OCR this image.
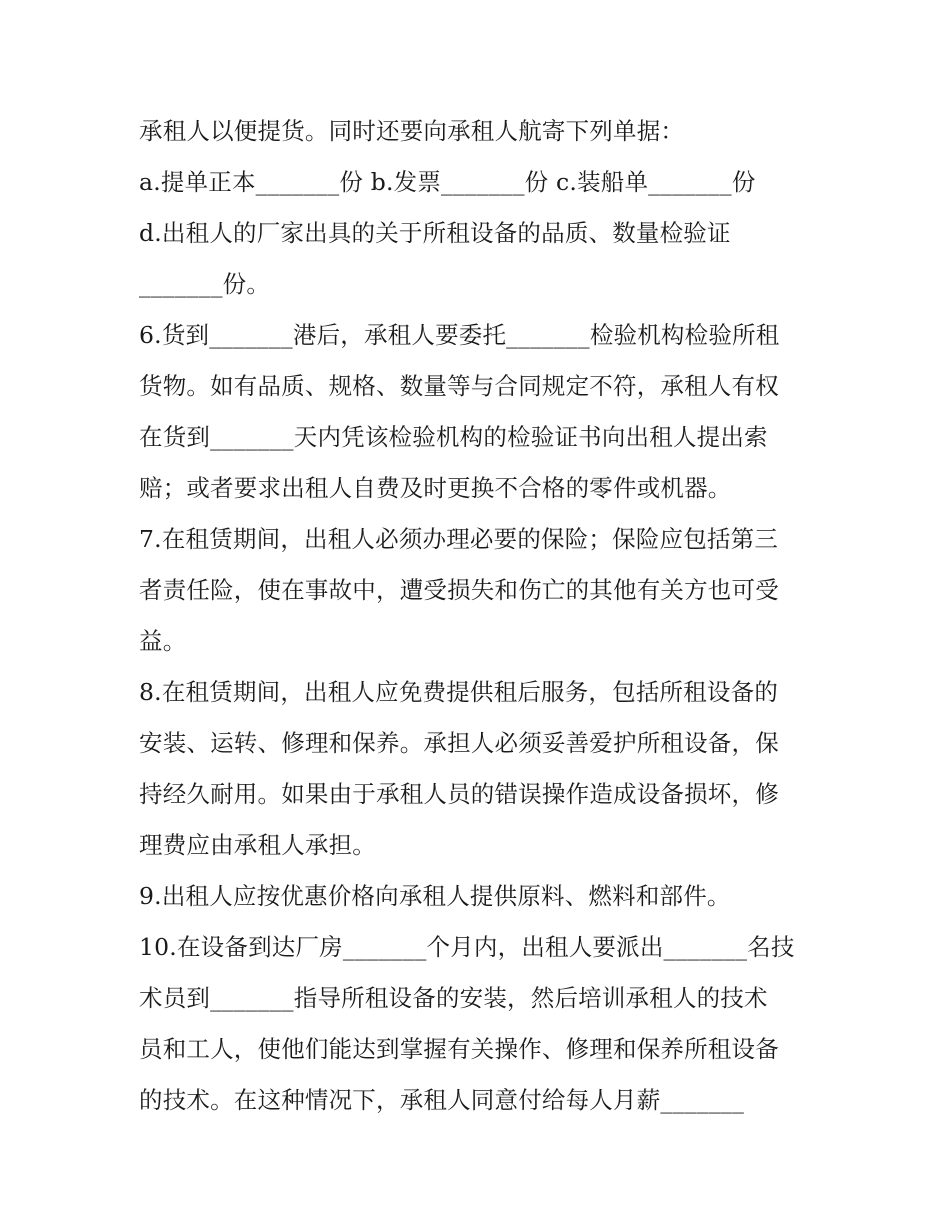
承租人以便提货。同时还要向承租人航寄下列单据：
a.提单正本_______份 b.发票_______份 c.装船单_______份
d.出租人的厂家出具的关于所租设备的品质、数量检验证
_______份。
6.货到_______港后，承租人要委托_______检验机构检验所租
货物。如有品质、规格、数量等与合同规定不符，承租人有权
在货到_______天内凭该检验机构的检验证书向出租人提出索
赔；或者要求出租人自费及时更换不合格的零件或机器。
7.在租赁期间，出租人必须办理必要的保险；保险应包括第三
者责任险，使在事故中，遭受损失和伤亡的其他有关方也可受
益。
8.在租赁期间，出租人应免费提供租后服务，包括所租设备的
安装、运转、修理和保养。承担人必须妥善爱护所租设备，保
持经久耐用。如果由于承租人员的错误操作造成设备损坏，修
理费应由承租人承担。
9.出租人应按优惠价格向承租人提供原料、燃料和部件。
10.在设备到达厂房_______个月内，出租人要派出_______名技
术员到_______指导所租设备的安装，然后培训承租人的技术
员和工人，使他们能达到掌握有关操作、修理和保养所租设备
的技术。在这种情况下，承租人同意付给每人月薪_______
